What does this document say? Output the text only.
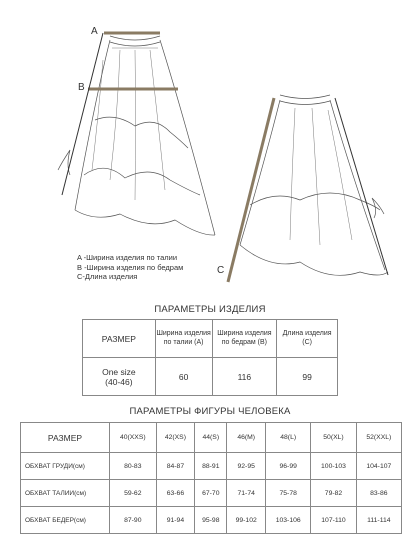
A
B
C
A -Ширина изделия по талии
B -Ширина изделия по бедрам
C-Длина изделия
ПАРАМЕТРЫ ИЗДЕЛИЯ
РАЗМЕР	Ширина изделия по талии (A)	Ширина изделия по бедрам (B)	Длина изделия (C)

One size
(40-46)	60	116	99
ПАРАМЕТРЫ ФИГУРЫ ЧЕЛОВЕКА
РАЗМЕР	40(XXS)	42(XS)	44(S)	46(M)	48(L)	50(XL)	52(XXL)
ОБХВАТ ГРУДИ(см)	80-83	84-87	88-91	92-95	96-99	100-103	104-107
ОБХВАТ ТАЛИИ(см)	59-62	63-66	67-70	71-74	75-78	79-82	83-86
ОБХВАТ БЕДЕР(см)	87-90	91-94	95-98	99-102	103-106	107-110	111-114
